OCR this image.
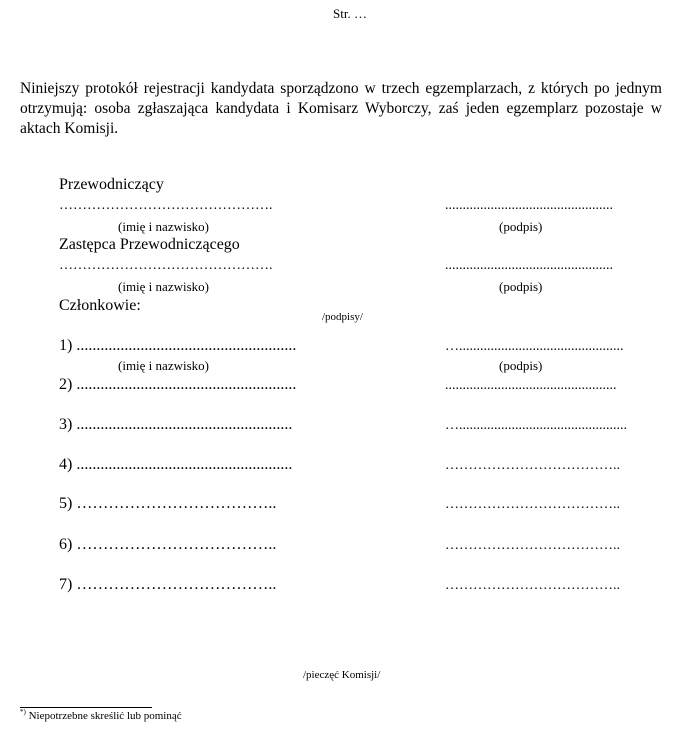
Str. …
Niniejszy protokół rejestracji kandydata sporządzono w trzech egzemplarzach, z których po jednym otrzymują: osoba zgłaszająca kandydata i Komisarz Wyborczy, zaś jeden egzemplarz pozostaje w aktach Komisji.
Przewodniczący
……………………………………….	................................................
(imię i nazwisko)	(podpis)
Zastępca Przewodniczącego
……………………………………….	................................................
(imię i nazwisko)	(podpis)
Członkowie:
/podpisy/
1) .......................................................	…...............................................
(imię i nazwisko)	(podpis)
2) .......................................................	.................................................
3) ......................................................	…................................................
4) ......................................................	………………………………..
5) ………………………………..	………………………………..
6) ………………………………..	………………………………..
7) ………………………………..	………………………………..
/pieczęć Komisji/
*) Niepotrzebne skreślić lub pominąć
